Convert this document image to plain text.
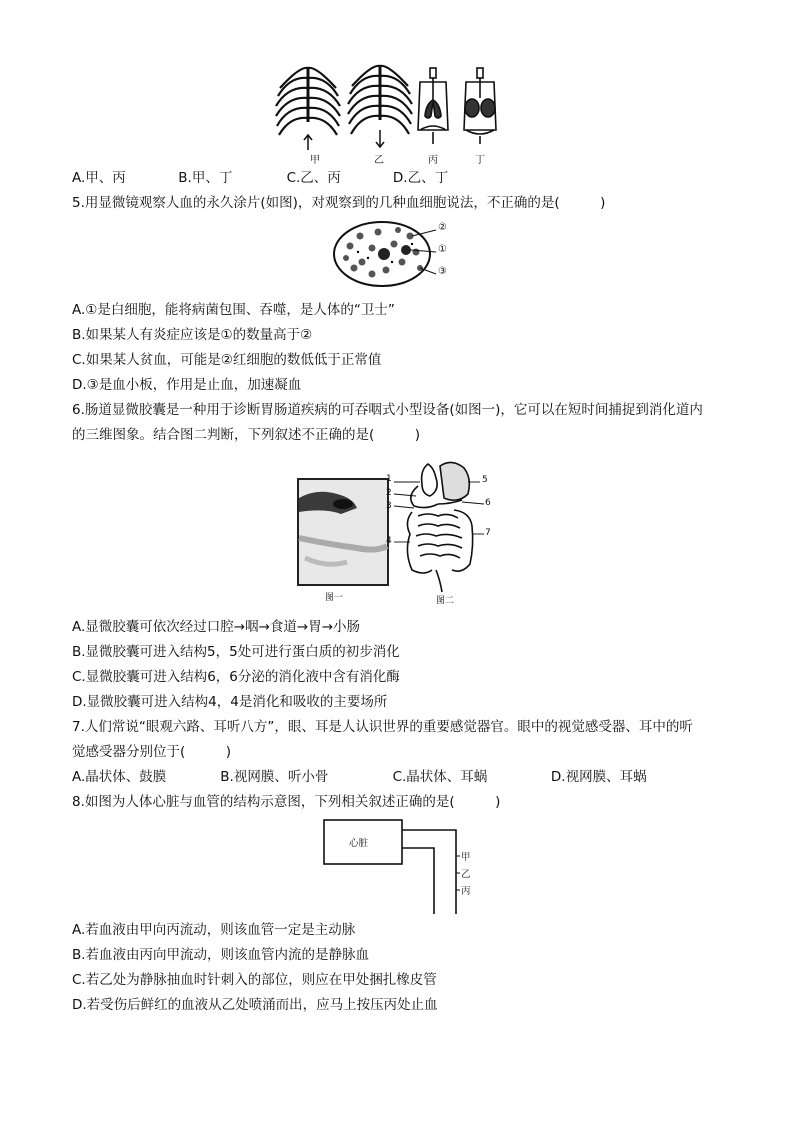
甲	乙	丙	丁
A.甲、丙	B.甲、丁	C.乙、丙	D.乙、丁
5.用显微镜观察人血的永久涂片(如图)，对观察到的几种血细胞说法，不正确的是(　　　)
②
①
③
A.①是白细胞，能将病菌包围、吞噬，是人体的“卫士”
B.如果某人有炎症应该是①的数量高于②
C.如果某人贫血，可能是②红细胞的数低低于正常值
D.③是血小板，作用是止血，加速凝血
6.肠道显微胶囊是一种用于诊断胃肠道疾病的可吞咽式小型设备(如图一)，它可以在短时间捕捉到消化道内
的三维图象。结合图二判断，下列叙述不正确的是(　　　)
图一
1
2
3
4
5
6
7
图二
A.显微胶囊可依次经过口腔→咽→食道→胃→小肠
B.显微胶囊可进入结构5，5处可进行蛋白质的初步消化
C.显微胶囊可进入结构6，6分泌的消化液中含有消化酶
D.显微胶囊可进入结构4，4是消化和吸收的主要场所
7.人们常说“眼观六路、耳听八方”，眼、耳是人认识世界的重要感觉器官。眼中的视觉感受器、耳中的听
觉感受器分别位于(　　　)
A.晶状体、鼓膜	B.视网膜、听小骨	C.晶状体、耳蜗	D.视网膜、耳蜗
8.如图为人体心脏与血管的结构示意图，下列相关叙述正确的是(　　　)
心脏
甲
乙
丙
A.若血液由甲向丙流动，则该血管一定是主动脉
B.若血液由丙向甲流动，则该血管内流的是静脉血
C.若乙处为静脉抽血时针刺入的部位，则应在甲处捆扎橡皮管
D.若受伤后鲜红的血液从乙处喷涌而出，应马上按压丙处止血
